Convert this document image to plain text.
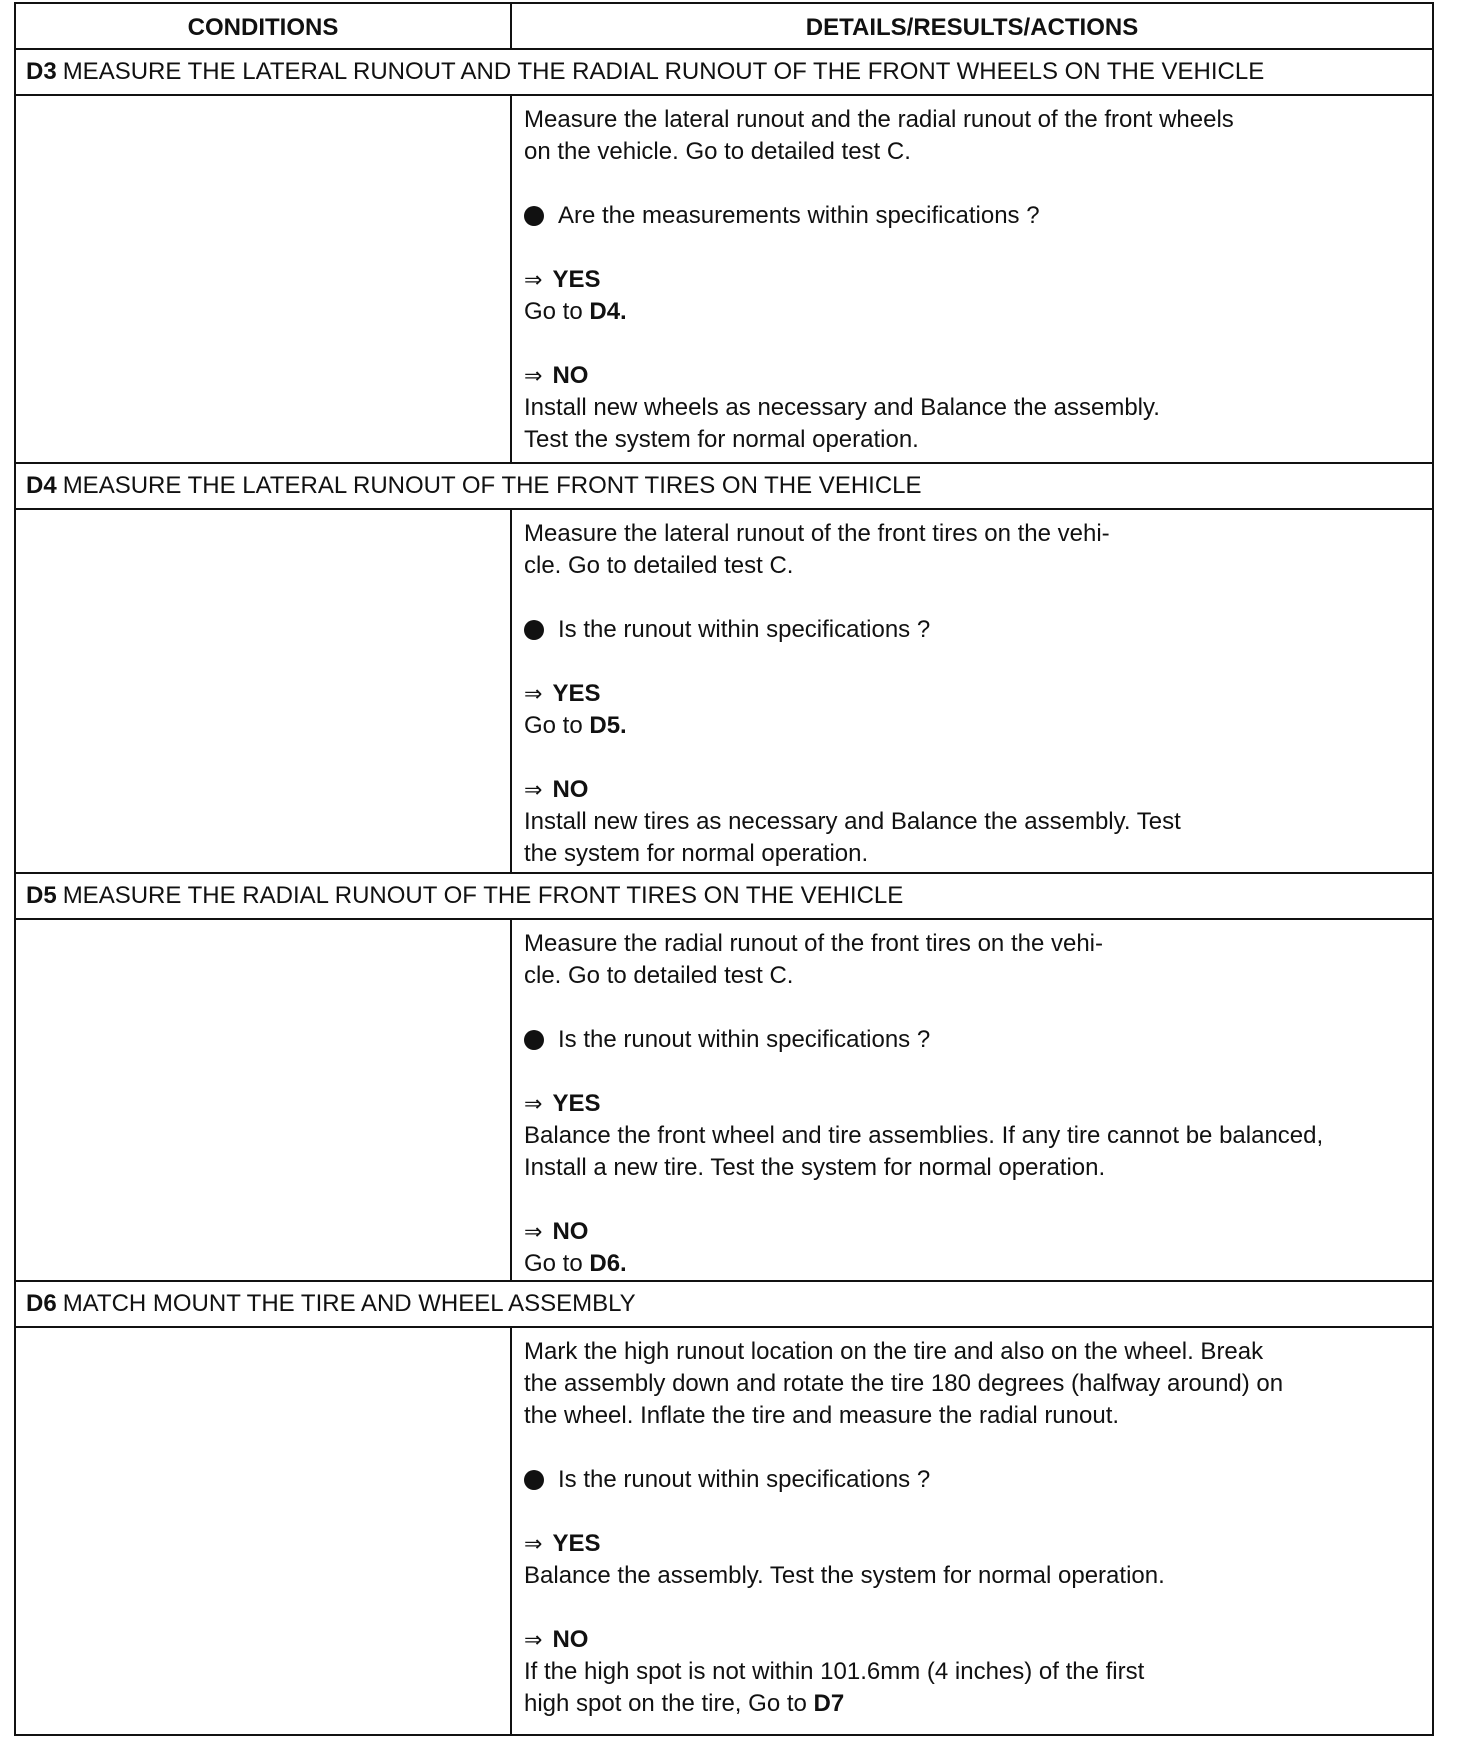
CONDITIONS	DETAILS/RESULTS/ACTIONS
D3 MEASURE THE LATERAL RUNOUT AND THE RADIAL RUNOUT OF THE FRONT WHEELS ON THE VEHICLE

Measure the lateral runout and the radial runout of the front wheels

on the vehicle. Go to detailed test C.

Are the measurements within specifications ?

⇒ YES

Go to D4.

⇒ NO

Install new wheels as necessary and Balance the assembly.

Test the system for normal operation.

D4 MEASURE THE LATERAL RUNOUT OF THE FRONT TIRES ON THE VEHICLE

Measure the lateral runout of the front tires on the vehi-

cle. Go to detailed test C.

Is the runout within specifications ?

⇒ YES

Go to D5.

⇒ NO

Install new tires as necessary and Balance the assembly. Test

the system for normal operation.

D5 MEASURE THE RADIAL RUNOUT OF THE FRONT TIRES ON THE VEHICLE

Measure the radial runout of the front tires on the vehi-

cle. Go to detailed test C.

Is the runout within specifications ?

⇒ YES

Balance the front wheel and tire assemblies. If any tire cannot be balanced,

Install a new tire. Test the system for normal operation.

⇒ NO

Go to D6.

D6 MATCH MOUNT THE TIRE AND WHEEL ASSEMBLY

Mark the high runout location on the tire and also on the wheel. Break

the assembly down and rotate the tire 180 degrees (halfway around) on

the wheel. Inflate the tire and measure the radial runout.

Is the runout within specifications ?

⇒ YES

Balance the assembly. Test the system for normal operation.

⇒ NO

If the high spot is not within 101.6mm (4 inches) of the first

high spot on the tire, Go to D7
